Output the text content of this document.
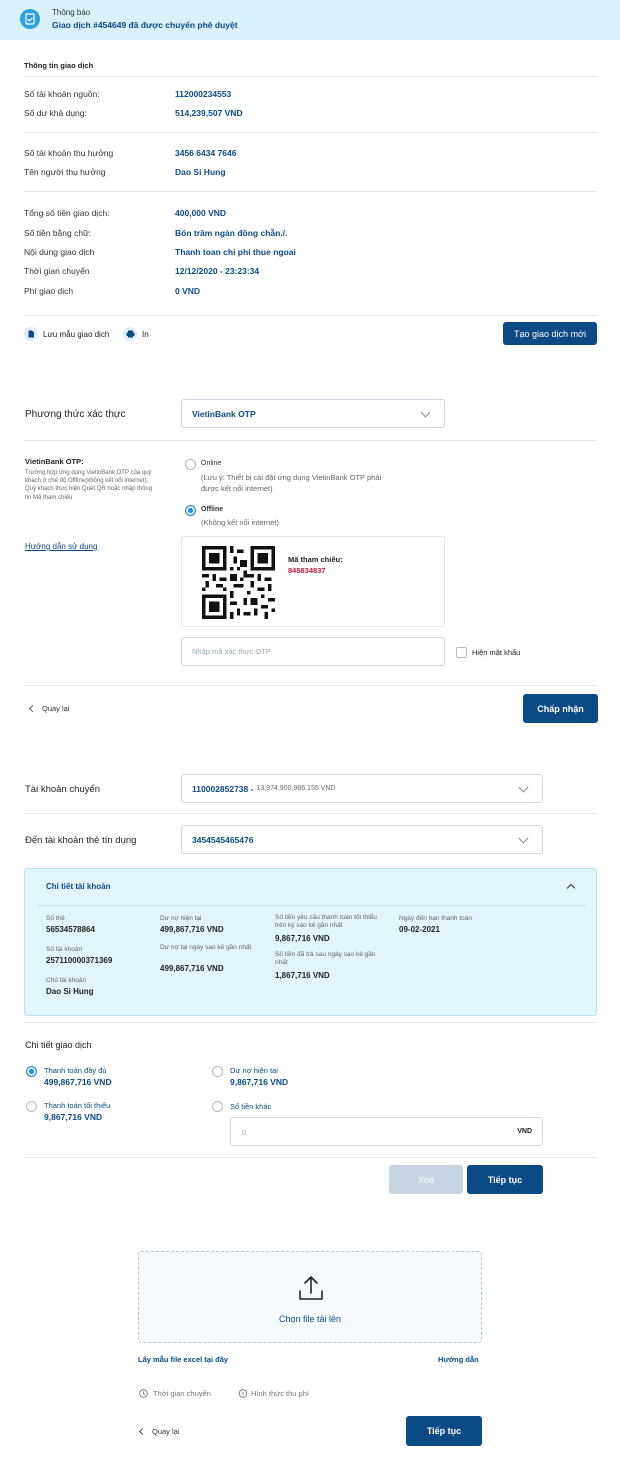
Thông báo
Giao dịch #454649 đã được chuyển phê duyệt
Thông tin giao dịch
Số tài khoản nguồn:	112000234553
Số dư khả dụng:	514,239,507 VND
Số tài khoản thụ hưởng	3456 6434 7646
Tên người thụ hưởng	Dao Si Hung
Tổng số tiền giao dịch:	400,000 VND
Số tiền bằng chữ:	Bốn trăm ngàn đồng chẵn./.
Nội dung giao dịch	Thanh toan chi phi thue ngoai
Thời gian chuyển	12/12/2020 - 23:23:34
Phí giao dịch	0 VND
Lưu mẫu giao dịch	In	Tạo giao dịch mới
Phương thức xác thực	VietinBank OTP
VietinBank OTP:
Trường hợp ứng dụng VietinBank OTP của quý khách ở chế độ Offline(không kết nối internet), Quý khách thực hiện Quét QR hoặc nhập thông tin Mã tham chiếu
Hướng dẫn sử dụng
Online
(Lưu ý: Thiết bị cài đặt ứng dụng VietinBank OTP phải được kết nối internet)
Offline
(Không kết nối internet)
Mã tham chiếu:
845834837
Nhập mã xác thực OTP	Hiện mật khẩu
Quay lại	Chấp nhận
Tài khoản chuyển	110002852738 - 13,974,900,966,155 VND
Đến tài khoản thẻ tín dụng	3454545465476
Chi tiết tài khoản
Số thẻ
56534578864
Số tài khoản
257110000371369
Chủ tài khoản
Dao Si Hung
Dư nợ hiện tại
499,867,716 VND
Dư nợ tại ngày sao kê gần nhất
499,867,716 VND
Số tiền yêu cầu thanh toán tối thiểu trên kỳ sao kê gần nhất
9,867,716 VND
Số tiền đã trả sau ngày sao kê gần nhất
1,867,716 VND
Ngày đến hạn thanh toán
09-02-2021
Chi tiết giao dịch
Thanh toán đầy đủ
499,867,716 VND
Thanh toán tối thiểu
9,867,716 VND
Dư nợ hiện tại
9,867,716 VND
Số tiền khác
0	VND
Xoá	Tiếp tục
Chọn file tải lên
Lấy mẫu file excel tại đây	Hướng dẫn
Thời gian chuyển	Hình thức thu phí
Quay lại	Tiếp tục
